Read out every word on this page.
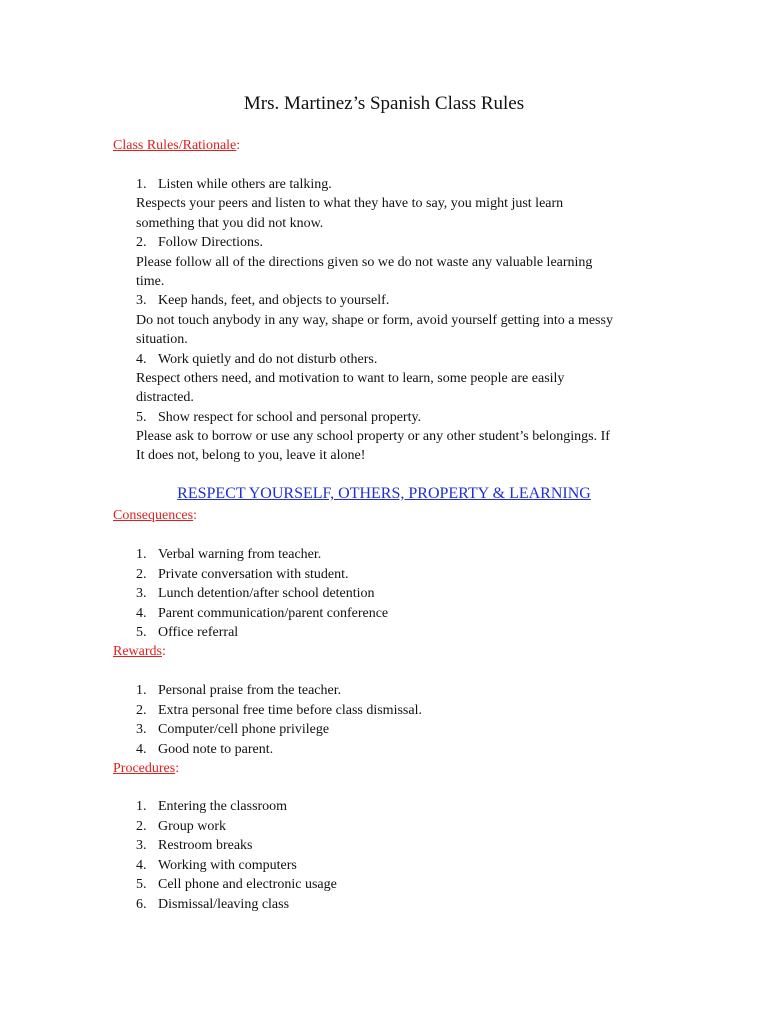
Mrs. Martinez’s Spanish Class Rules
Class Rules/Rationale:
1. Listen while others are talking.
Respects your peers and listen to what they have to say, you might just learn
something that you did not know.
2. Follow Directions.
Please follow all of the directions given so we do not waste any valuable learning
time.
3. Keep hands, feet, and objects to yourself.
Do not touch anybody in any way, shape or form, avoid yourself getting into a messy
situation.
4. Work quietly and do not disturb others.
Respect others need, and motivation to want to learn, some people are easily
distracted.
5. Show respect for school and personal property.
Please ask to borrow or use any school property or any other student’s belongings. If
It does not, belong to you, leave it alone!
RESPECT YOURSELF, OTHERS, PROPERTY & LEARNING
Consequences:
1. Verbal warning from teacher.
2. Private conversation with student.
3. Lunch detention/after school detention
4. Parent communication/parent conference
5. Office referral
Rewards:
1. Personal praise from the teacher.
2. Extra personal free time before class dismissal.
3. Computer/cell phone privilege
4. Good note to parent.
Procedures:
1. Entering the classroom
2. Group work
3. Restroom breaks
4. Working with computers
5. Cell phone and electronic usage
6. Dismissal/leaving class
